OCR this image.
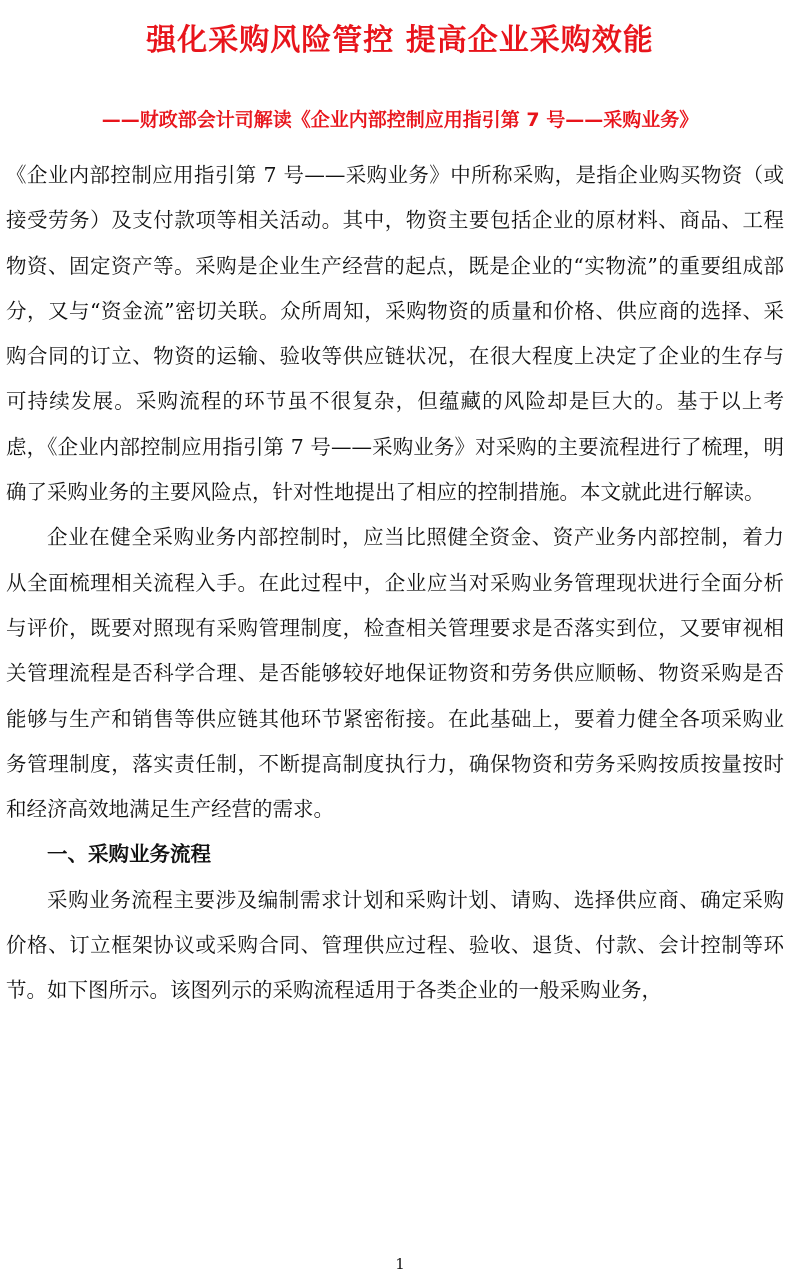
强化采购风险管控 提高企业采购效能
——财政部会计司解读《企业内部控制应用指引第 7 号——采购业务》

《企业内部控制应用指引第 7 号——采购业务》中所称采购，是指企业购买物资（或接受劳务）及支付款项等相关活动。其中，物资主要包括企业的原材料、商品、工程物资、固定资产等。采购是企业生产经营的起点，既是企业的“实物流”的重要组成部分，又与“资金流”密切关联。众所周知，采购物资的质量和价格、供应商的选择、采购合同的订立、物资的运输、验收等供应链状况，在很大程度上决定了企业的生存与可持续发展。采购流程的环节虽不很复杂，但蕴藏的风险却是巨大的。基于以上考虑，《企业内部控制应用指引第 7 号——采购业务》对采购的主要流程进行了梳理，明确了采购业务的主要风险点，针对性地提出了相应的控制措施。本文就此进行解读。

企业在健全采购业务内部控制时，应当比照健全资金、资产业务内部控制，着力从全面梳理相关流程入手。在此过程中，企业应当对采购业务管理现状进行全面分析与评价，既要对照现有采购管理制度，检查相关管理要求是否落实到位，又要审视相关管理流程是否科学合理、是否能够较好地保证物资和劳务供应顺畅、物资采购是否能够与生产和销售等供应链其他环节紧密衔接。在此基础上，要着力健全各项采购业务管理制度，落实责任制，不断提高制度执行力，确保物资和劳务采购按质按量按时和经济高效地满足生产经营的需求。

一、采购业务流程

采购业务流程主要涉及编制需求计划和采购计划、请购、选择供应商、确定采购价格、订立框架协议或采购合同、管理供应过程、验收、退货、付款、会计控制等环节。如下图所示。该图列示的采购流程适用于各类企业的一般采购业务，

1
